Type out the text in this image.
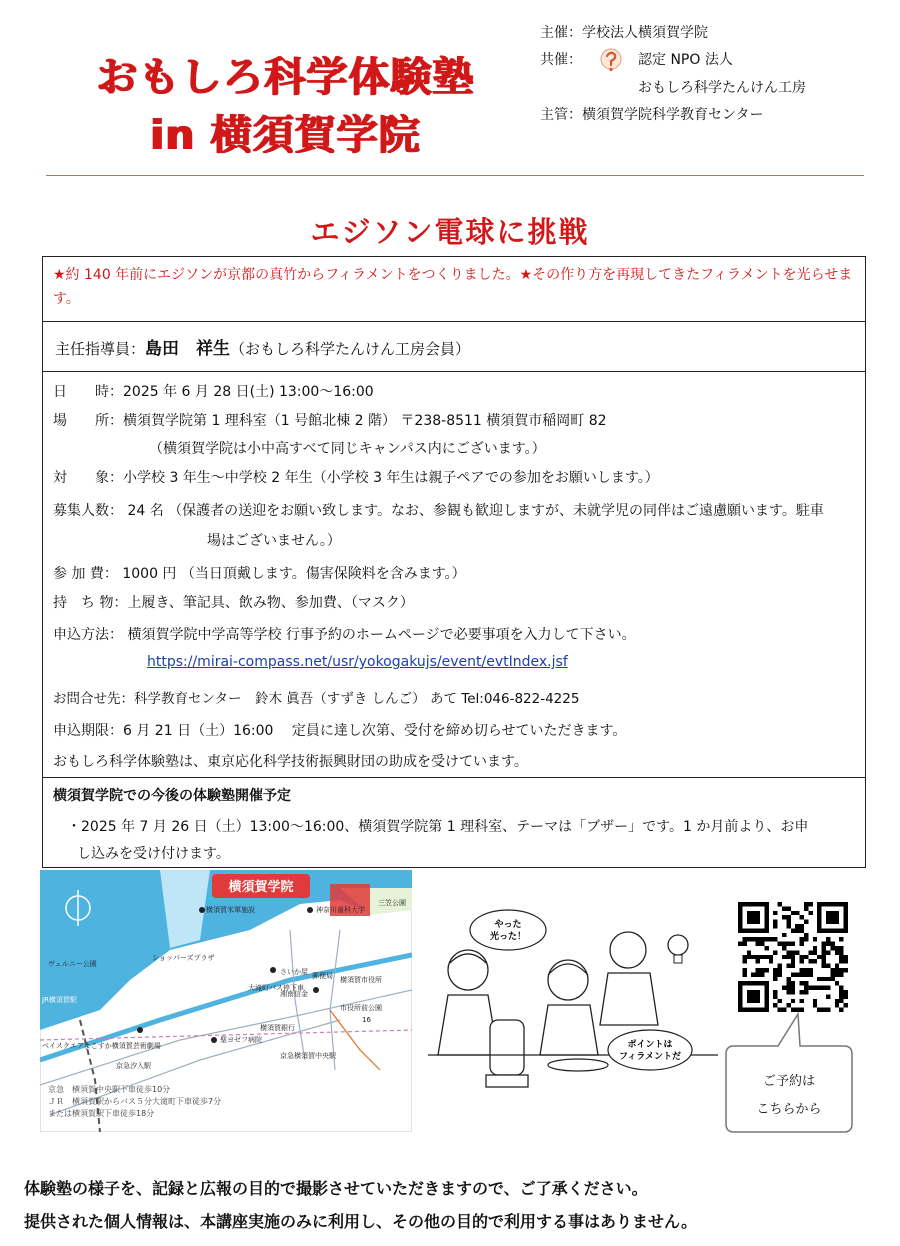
おもしろ科学体験塾
in 横須賀学院
主催： 学校法人横須賀学院
共催：	認定 NPO 法人
おもしろ科学たんけん工房
主管： 横須賀学院科学教育センター
エジソン電球に挑戦
★約 140 年前にエジソンが京都の真竹からフィラメントをつくりました。★その作り方を再現してきたフィラメントを光らせます。
主任指導員：島田　祥生（おもしろ科学たんけん工房会員）
日　　時：2025 年 6 月 28 日(土) 13:00～16:00
場　　所：横須賀学院第 1 理科室（1 号館北棟 2 階） 〒238-8511 横須賀市稲岡町 82
（横須賀学院は小中高すべて同じキャンパス内にございます。）
対　　象：小学校 3 年生～中学校 2 年生（小学校 3 年生は親子ペアでの参加をお願いします。）
募集人数： 24 名 （保護者の送迎をお願い致します。なお、参観も歓迎しますが、未就学児の同伴はご遠慮願います。駐車
場はございません。）
参 加 費： 1000 円 （当日頂戴します。傷害保険料を含みます。）
持　ち 物：上履き、筆記具、飲み物、参加費、（マスク）
申込方法： 横須賀学院中学高等学校 行事予約のホームページで必要事項を入力して下さい。
https://mirai-compass.net/usr/yokogakujs/event/evtIndex.jsf
お問合せ先：科学教育センター　鈴木 眞吾（すずき しんご） あて Tel:046-822-4225
申込期限：6 月 21 日（土）16:00　 定員に達し次第、受付を締め切らせていただきます。
おもしろ科学体験塾は、東京応化科学技術振興財団の助成を受けています。
横須賀学院での今後の体験塾開催予定
・2025 年 7 月 26 日（土）13:00～16:00、横須賀学院第 1 理科室、テーマは「ブザー」です。1 か月前より、お申
し込みを受け付けます。
横須賀学院
横須賀米軍施設	神奈川歯科大学
三笠公園
ヴェルニー公園
ショッパーズプラザ
JR横須賀駅
さいか屋 郵便局
大滝町バス停下車
湘南信金
横須賀市役所
市役所前公園
ベイスクエアよこすか横須賀芸術劇場
聖ヨゼフ病院
横須賀銀行
京急汐入駅
京急横須賀中央駅
16
京急　横須賀中央駅下車徒歩10分
ＪＲ　横須賀駅からバス５分大滝町下車徒歩7分
または横須賀駅下車徒歩18分
やった
光った！
ポイントは
フィラメントだ
ご予約は
こちらから
体験塾の様子を、記録と広報の目的で撮影させていただきますので、ご了承ください。
提供された個人情報は、本講座実施のみに利用し、その他の目的で利用する事はありません。
